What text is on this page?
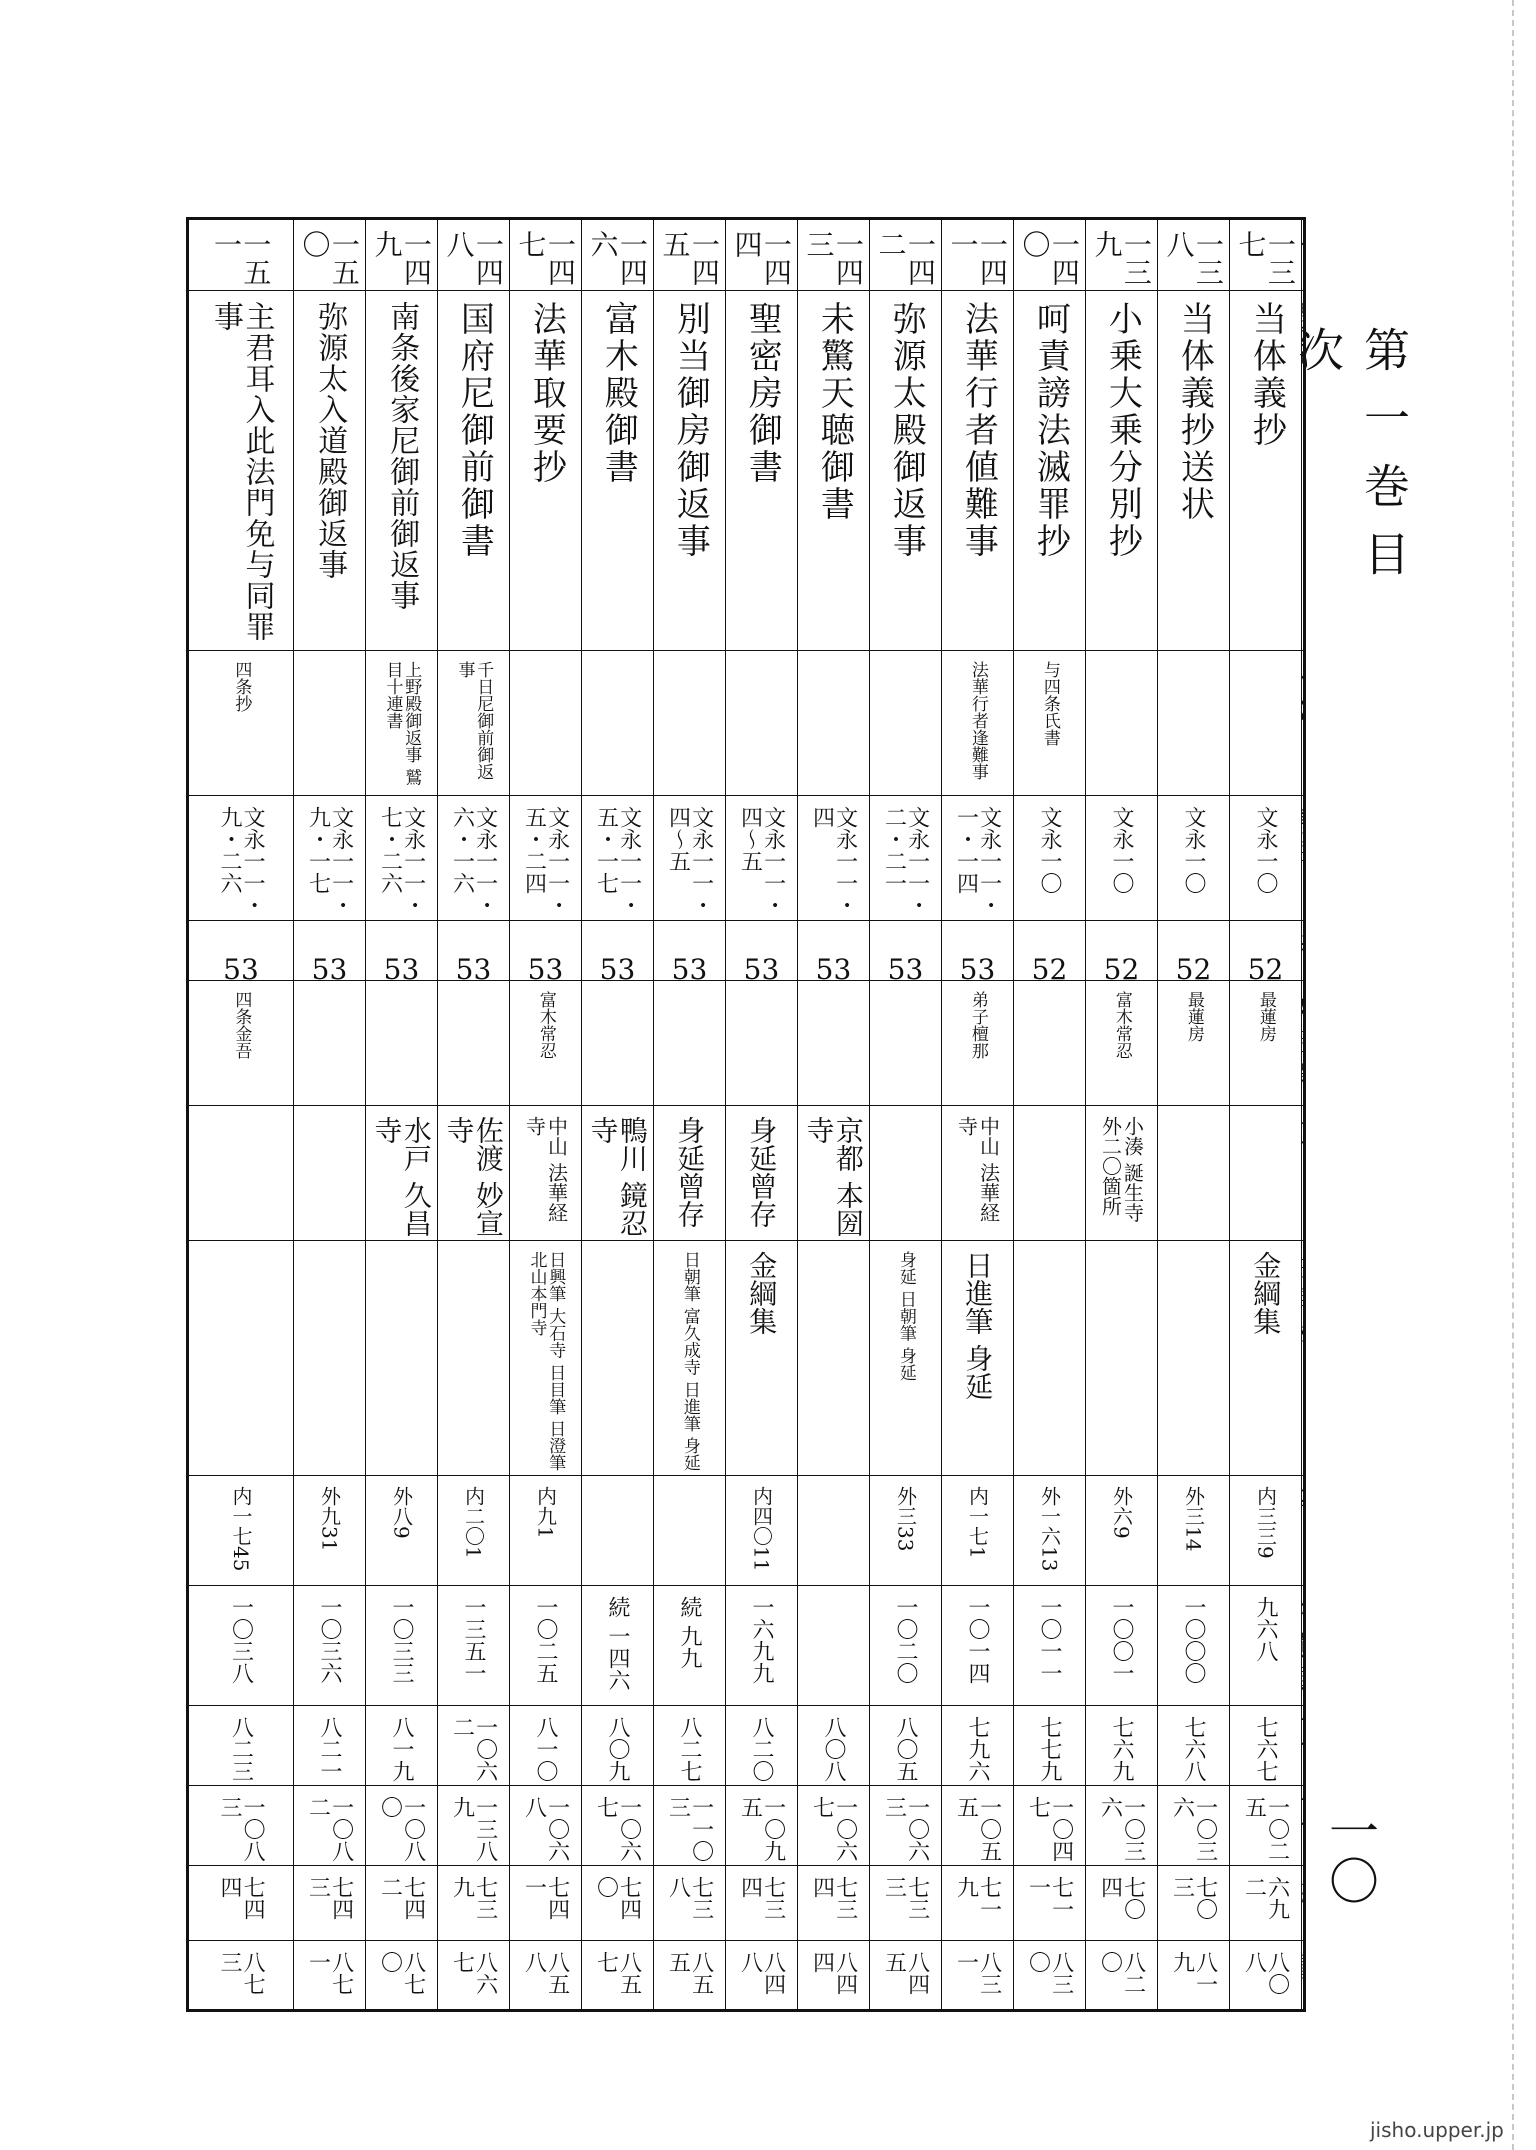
第一巻目次
一〇
jisho.upper.jp
一三七
当体義抄
文永一〇
52
最蓮房
金綱集
内三三9
九六八
七六七
一〇二五
六九二
八〇八
一三八
当体義抄送状
文永一〇
52
最蓮房
外三14
一〇〇〇
七六八
一〇三六
七〇三
八一九
一三九
小乗大乗分別抄
文永一〇
52
富木常忍
小湊 誕生寺 外二〇箇所
外六9
一〇〇一
七六九
一〇三六
七〇四
八二〇
一四〇
呵責謗法滅罪抄
与四条氏書
文永一〇
52
外一六13
一〇一一
七七九
一〇四七
七一一
八三〇
一四一
法華行者値難事
法華行者逢難事
文永一一・一・一四
53
弟子檀那
中山 法華経寺
日進筆 身延
内一七1
一〇一四
七九六
一〇五五
七一九
八三一
一四二
弥源太殿御返事
文永一一・二・二一
53
身延 日朝筆 身延
外三33
一〇二〇
八〇五
一〇六三
七三三
八四五
一四三
未驚天聴御書
文永一一・四
53
京都 本圀寺
八〇八
一〇六七
七三四
八四四
一四四
聖密房御書
文永一一・四〜五
53
身延曾存
金綱集
内四〇11
一六九九
八二〇
一〇九五
七三四
八四八
一四五
別当御房御返事
文永一一・四〜五
53
身延曾存
日朝筆 富久成寺 日進筆 身延
続 九九
八二七
一一〇三
七三八
八五五
一四六
富木殿御書
文永一一・五・一七
53
鴨川 鏡忍寺
続 一四六
八〇九
一〇六七
七四〇
八五七
一四七
法華取要抄
文永一一・五・二四
53
富木常忍
中山 法華経寺
日興筆 大石寺 日目筆 日澄筆 北山本門寺
内九1
一〇二五
八一〇
一〇六八
七四一
八五八
一四八
国府尼御前御書
千日尼御前御返事
文永一一・六・一六
53
佐渡 妙宣寺
内二〇1
一三五一
一〇六二
一三八九
七三九
八六七
一四九
南条後家尼御前御返事
上野殿御返事 鷲目十連書
文永一一・七・二六
53
水戸 久昌寺
外八9
一〇三三
八一九
一〇八〇
七四二
八七〇
一五〇
弥源太入道殿御返事
文永一一・九・一七
53
外九31
一〇三六
八二一
一〇八二
七四三
八七一
一五一
主君耳入此法門免与同罪事
四条抄
文永一一・九・二六
53
四条金吾
内一七45
一〇三八
八二三
一〇八三
七四四
八七三
